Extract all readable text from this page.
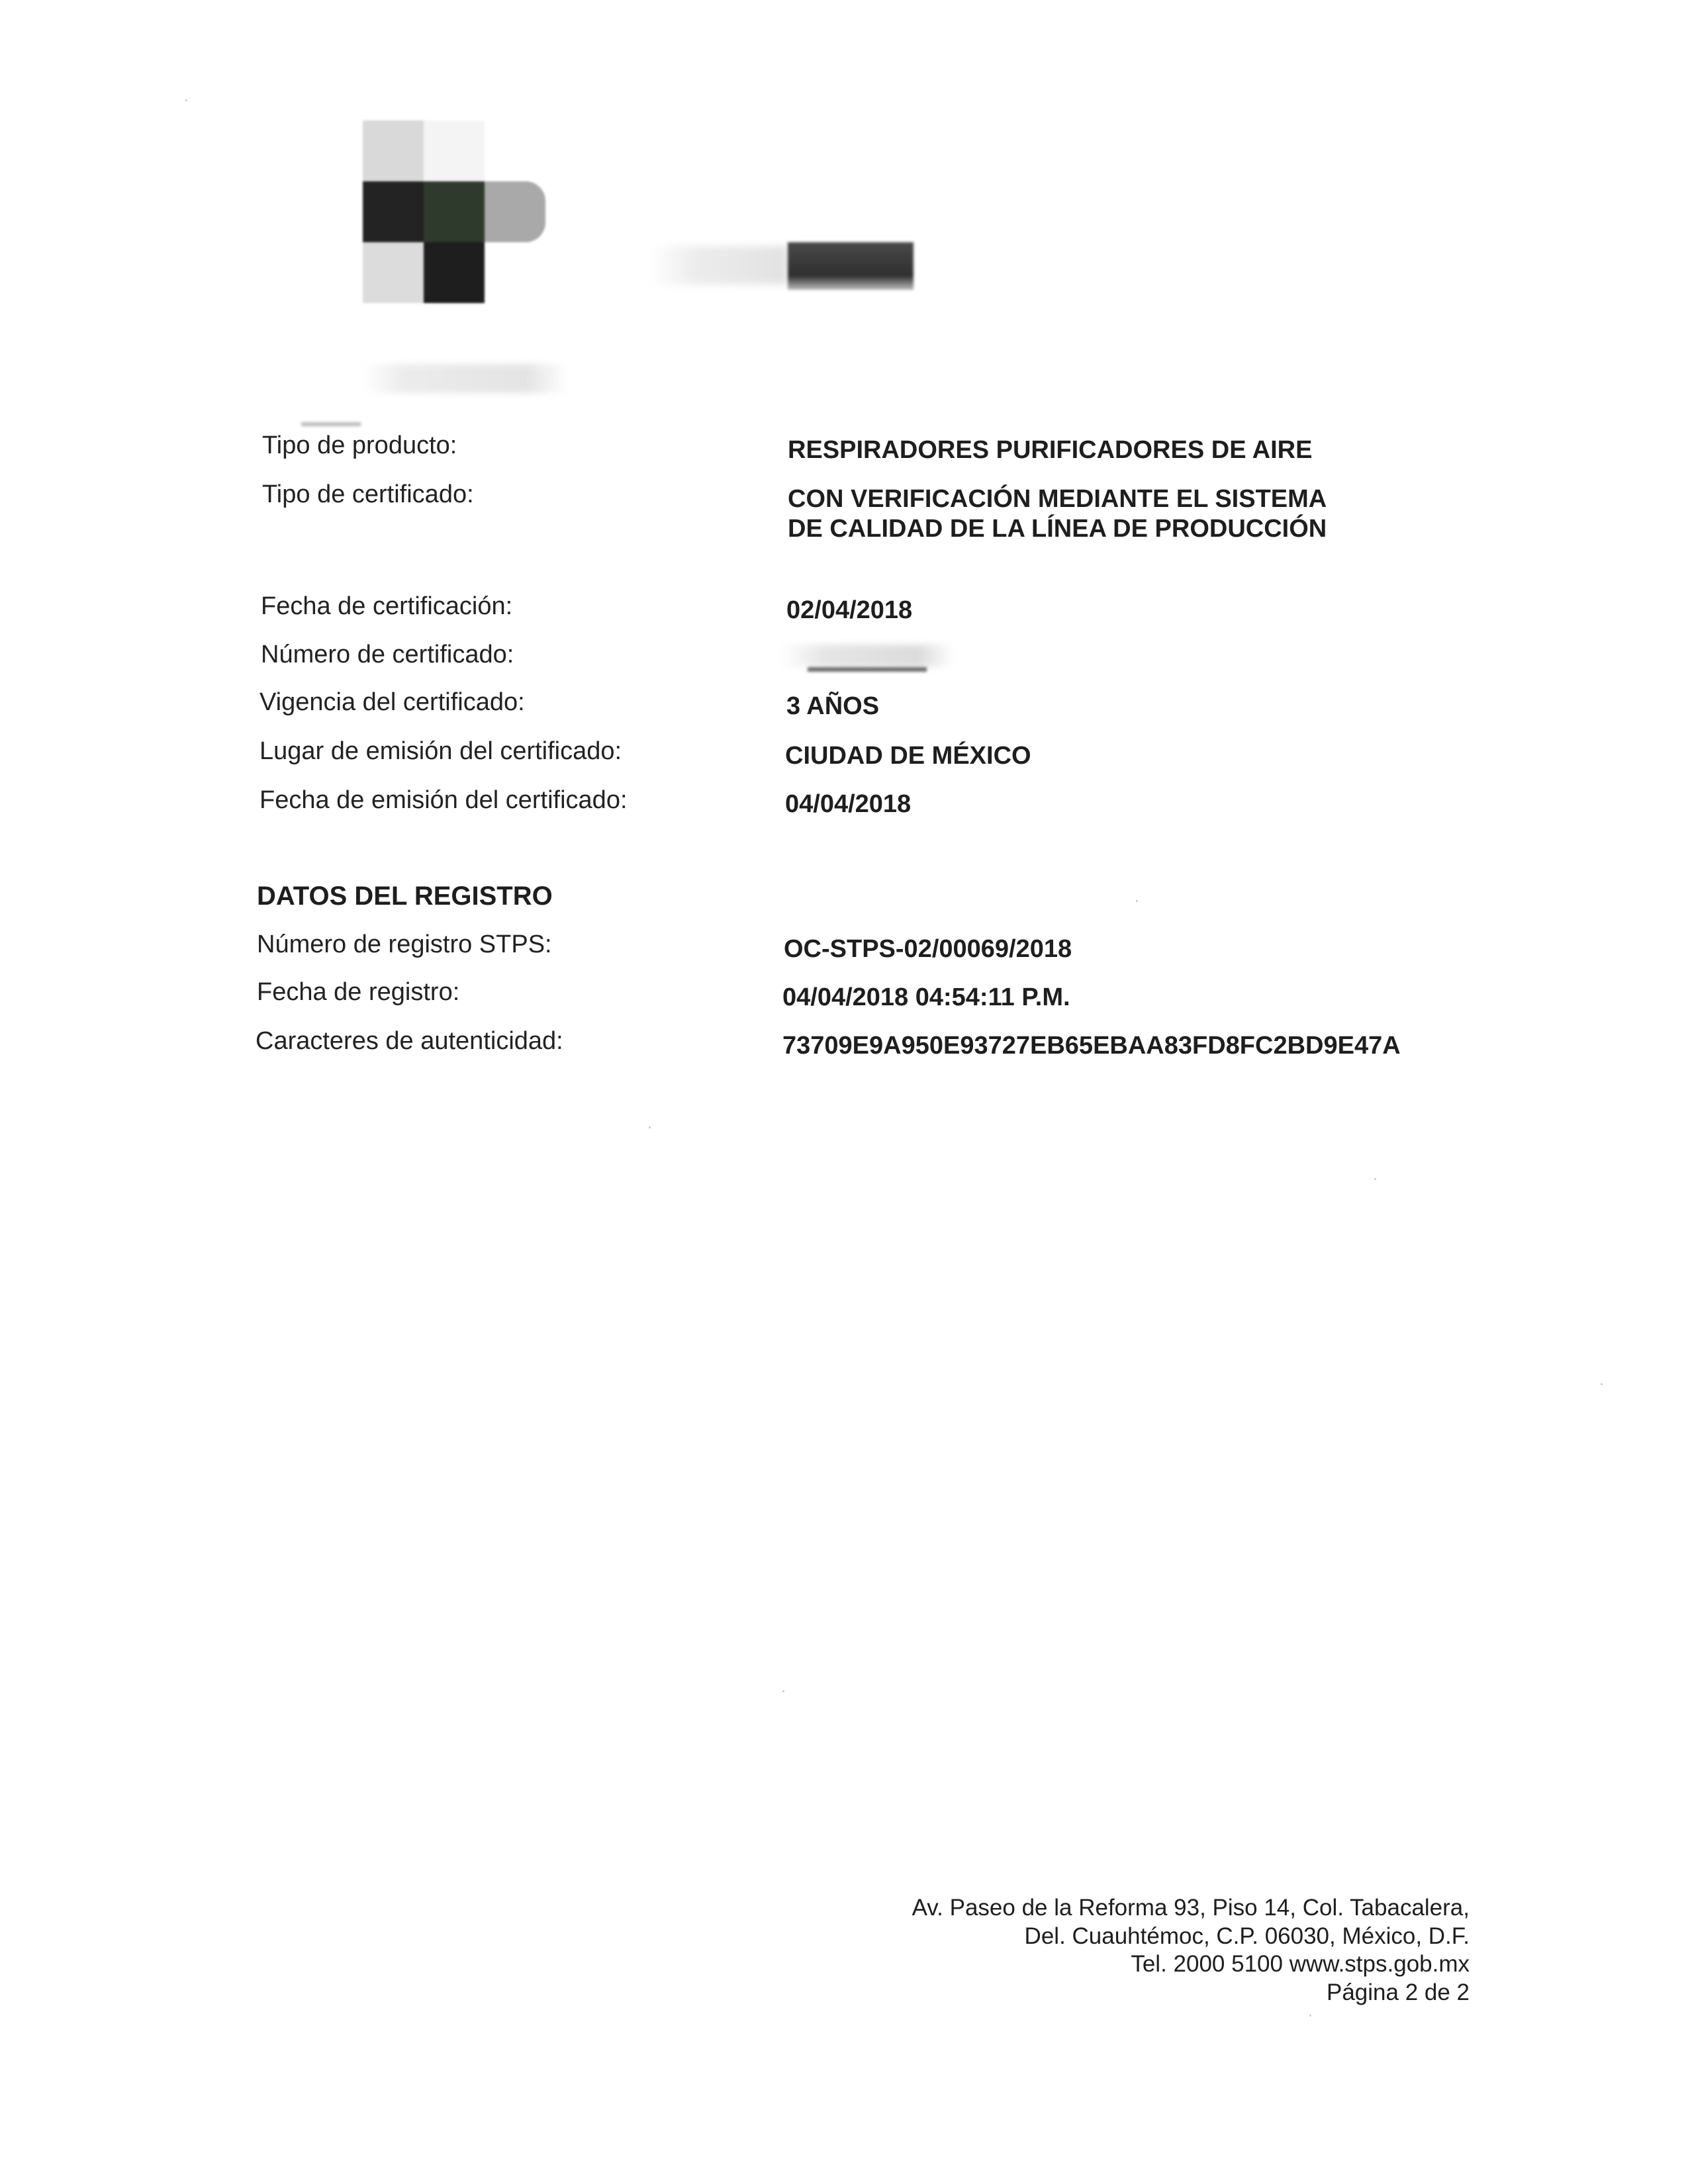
Tipo de producto:	RESPIRADORES PURIFICADORES DE AIRE
Tipo de certificado:	CON VERIFICACIÓN MEDIANTE EL SISTEMA DE CALIDAD DE LA LÍNEA DE PRODUCCIÓN
Fecha de certificación:	02/04/2018
Número de certificado:
Vigencia del certificado:	3 AÑOS
Lugar de emisión del certificado:	CIUDAD DE MÉXICO
Fecha de emisión del certificado:	04/04/2018
DATOS DEL REGISTRO
Número de registro STPS:	OC-STPS-02/00069/2018
Fecha de registro:	04/04/2018 04:54:11 P.M.
Caracteres de autenticidad:	73709E9A950E93727EB65EBAA83FD8FC2BD9E47A
Av. Paseo de la Reforma 93, Piso 14, Col. Tabacalera,
Del. Cuauhtémoc, C.P. 06030, México, D.F.
Tel. 2000 5100 www.stps.gob.mx
Página 2 de 2
